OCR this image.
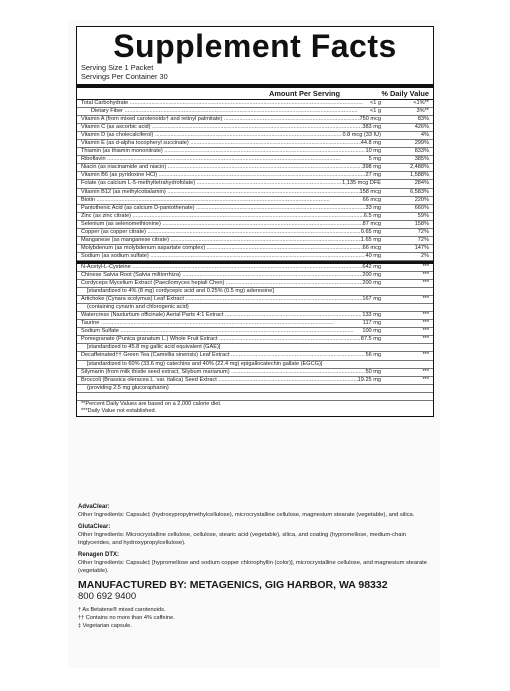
Supplement Facts
Serving Size 1 Packet
Servings Per Container 30
Amount Per Serving	% Daily Value
Total Carbohydrate .....	<1 g	<1%**
Dietary Fiber .....	<1 g	3%**
Vitamin A (from mixed carotenoids† and retinyl palmitate) .....	750 mcg	83%
Vitamin C (as ascorbic acid) .....	383 mg	426%
Vitamin D (as cholecalciferol) .....	0.8 mcg (33 IU)	4%
Vitamin E (as d-alpha tocopheryl succinate) .....	44.8 mg	299%
Thiamin (as thiamin mononitrate) .....	10 mg	833%
Riboflavin .....	5 mg	385%
Niacin (as niacinamide and niacin) .....	398 mg	2,488%
Vitamin B6 (as pyridoxine HCl) .....	27 mg	1,588%
Folate (as calcium L-5-methyltetrahydrofolate) .....	1,135 mcg DFE	284%
Vitamin B12 (as methylcobalamin) .....	158 mcg	6,583%
Biotin .....	66 mcg	220%
Pantothenic Acid (as calcium D-pantothenate) .....	33 mg	660%
Zinc (as zinc citrate) .....	6.5 mg	59%
Selenium (as selenomethionine) .....	87 mcg	158%
Copper (as copper citrate) .....	0.65 mg	72%
Manganese (as manganese citrate) .....	1.65 mg	72%
Molybdenum (as molybdenum aspartate complex) .....	66 mcg	147%
Sodium (as sodium sulfate) .....	40 mg	2%
N-Acetyl-L-Cysteine .....	642 mg	***
Chinese Salvia Root (Salvia miltiorrhiza) .....	200 mg	***
Cordyceps Mycelium Extract (Paecilomyces hepiali Chen) .....	200 mg	***
[standardized to 4% (8 mg) cordycepic acid and 0.25% (0.5 mg) adenosine]
Artichoke (Cynara scolymus) Leaf Extract .....	167 mg	***
(containing cynarin and chlorogenic acid)
Watercress (Nasturtium officinale) Aerial Parts 4:1 Extract .....	133 mg	***
Taurine .....	117 mg	***
Sodium Sulfate .....	100 mg	***
Pomegranate (Punica granatum L.) Whole Fruit Extract .....	87.5 mg	***
[standardized to 45.8 mg gallic acid equivalent (GAE)]
Decaffeinated†† Green Tea (Camellia sinensis) Leaf Extract .....	56 mg	***
[standardized to 60% (33.6 mg) catechins and 40% (22.4 mg) epigallocatechin gallate (EGCG)]
Silymarin (from milk thistle seed extract, Silybum marianum) .....	50 mg	***
Broccoli (Brassica oleracea L. var. italica) Seed Extract .....	19.25 mg	***
(providing 2.5 mg glucoraphanin)
**Percent Daily Values are based on a 2,000 calorie diet.
***Daily Value not established.
AdvaClear:
Other Ingredients: Capsule‡ (hydroxypropylmethylcellulose), microcrystalline cellulose, magnesium stearate (vegetable), and silica.
GlutaClear:
Other Ingredients: Microcrystalline cellulose, cellulose, stearic acid (vegetable), silica, and coating (hypromellose, medium-chain triglycerides, and hydroxypropylcellulose).
Renagen DTX:
Other Ingredients: Capsule‡ [hypromellose and sodium copper chlorophyllin (color)], microcrystalline cellulose, and magnesium stearate (vegetable).
MANUFACTURED BY: METAGENICS, GIG HARBOR, WA 98332
800 692 9400
† As Betatene® mixed carotenoids.
†† Contains no more than 4% caffeine.
‡ Vegetarian capsule.
